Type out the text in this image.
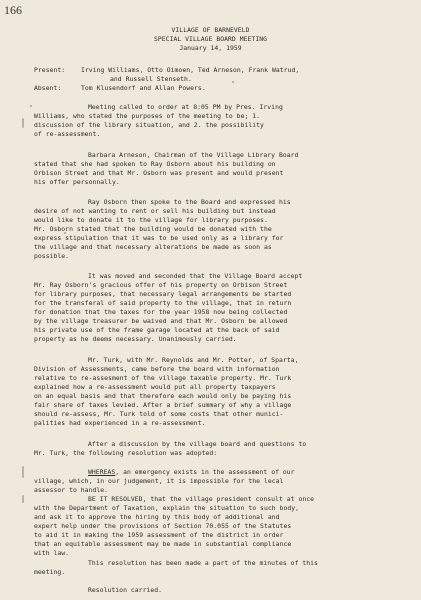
166
VILLAGE OF BARNEVELD
SPECIAL VILLAGE BOARD MEETING
January 14, 1959
Present: Irving Williams, Otto Oimoen, Ted Arneson, Frank Watrud,
and Russell Stenseth.
Absent:	Tom Klusendorf and Allan Powers.
Meeting called to order at 8:05 PM by Pres. Irving
Williams, who stated the purposes of the meeting to be; 1.
discussion of the library situation, and 2. the possibility
of re-assessment.
Barbara Arneson, Chairman of the Village Library Board
stated that she had spoken to Ray Osborn about his building on
Orbison Street and that Mr. Osborn was present and would present
his offer personnally.
Ray Osborn then spoke to the Board and expressed his
desire of not wanting to rent or sell his building but instead
would like to donate it to the village for library purposes.
Mr. Osborn stated that the building would be donated with the
express stipulation that it was to be used only as a library for
the village and that necessary alterations be made as soon as
possible.
It was moved and seconded that the Village Board accept
Mr. Ray Osborn's gracious offer of his property on Orbison Street
for library purposes, that necessary legal arrangements be started
for the transferal of said property to the village, that in return
for donation that the taxes for the year 1958 now being collected
by the village treasurer be waived and that Mr. Osborn be allowed
his private use of the frame garage located at the back of said
property as he deems necessary. Unanimously carried.
Mr. Turk, with Mr. Reynolds and Mr. Potter, of Sparta,
Division of Assessments, came before the board with information
relative to re-assesment of the village taxable property. Mr. Turk
explained how a re-assessment would put all property taxpayers
on an equal basis and that therefore each would only be paying his
fair share of taxes levied. After a brief summary of why a village
should re-assess, Mr. Turk told of some costs that other munici-
palities had experienced in a re-assessment.
After a discussion by the village board and questions to
Mr. Turk, the following resolution was adopted:
WHEREAS, an emergency exists in the assessment of our
village, which, in our judgement, it is impossible for the lecal
assessor to handle.
BE IT RESOLVED, that the village president consult at once
with the Department of Taxation, explain the situation to such body,
and ask it to approve the hiring by this body of additional and
expert help under the provisions of Section 70.055 of the Statutes
to aid it in making the 1959 assessment of the district in order
that an equitable assessment may be made in substantial compliance
with law.
This resolution has been made a part of the minutes of this
meeting.
Resolution carried.
